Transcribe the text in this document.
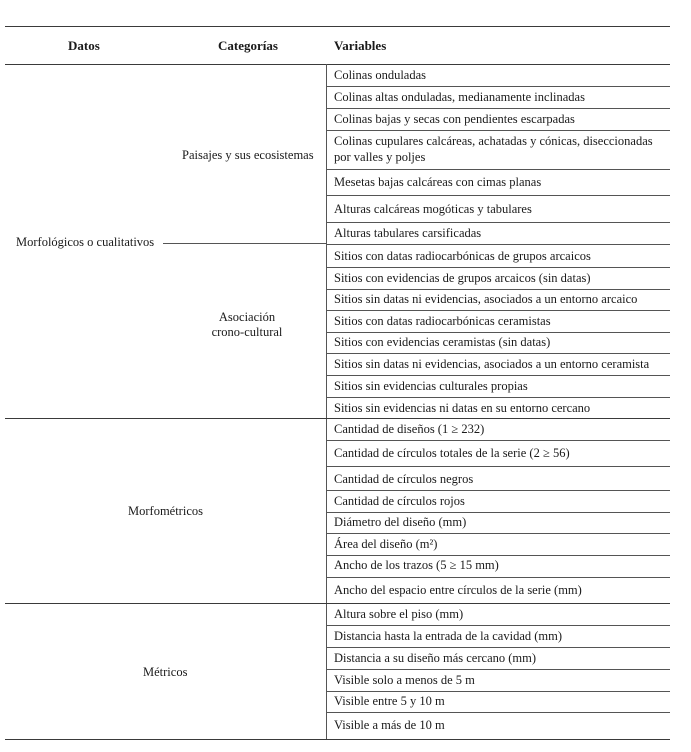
Datos	Categorías	Variables
Morfológicos o cualitativos
Paisajes y sus ecosistemas
Asociación
crono-cultural
Morfométricos
Métricos
Colinas onduladas
Colinas altas onduladas, medianamente inclinadas
Colinas bajas y secas con pendientes escarpadas
Colinas cupulares calcáreas, achatadas y cónicas, diseccionadas
por valles y poljes
Mesetas bajas calcáreas con cimas planas
Alturas calcáreas mogóticas y tabulares
Alturas tabulares carsificadas
Sitios con datas radiocarbónicas de grupos arcaicos
Sitios con evidencias de grupos arcaicos (sin datas)
Sitios sin datas ni evidencias, asociados a un entorno arcaico
Sitios con datas radiocarbónicas ceramistas
Sitios con evidencias ceramistas (sin datas)
Sitios sin datas ni evidencias, asociados a un entorno ceramista
Sitios sin evidencias culturales propias
Sitios sin evidencias ni datas en su entorno cercano
Cantidad de diseños (1 ≥ 232)
Cantidad de círculos totales de la serie (2 ≥ 56)
Cantidad de círculos negros
Cantidad de círculos rojos
Diámetro del diseño (mm)
Área del diseño (m²)
Ancho de los trazos (5 ≥ 15 mm)
Ancho del espacio entre círculos de la serie (mm)
Altura sobre el piso (mm)
Distancia hasta la entrada de la cavidad (mm)
Distancia a su diseño más cercano (mm)
Visible solo a menos de 5 m
Visible entre 5 y 10 m
Visible a más de 10 m
